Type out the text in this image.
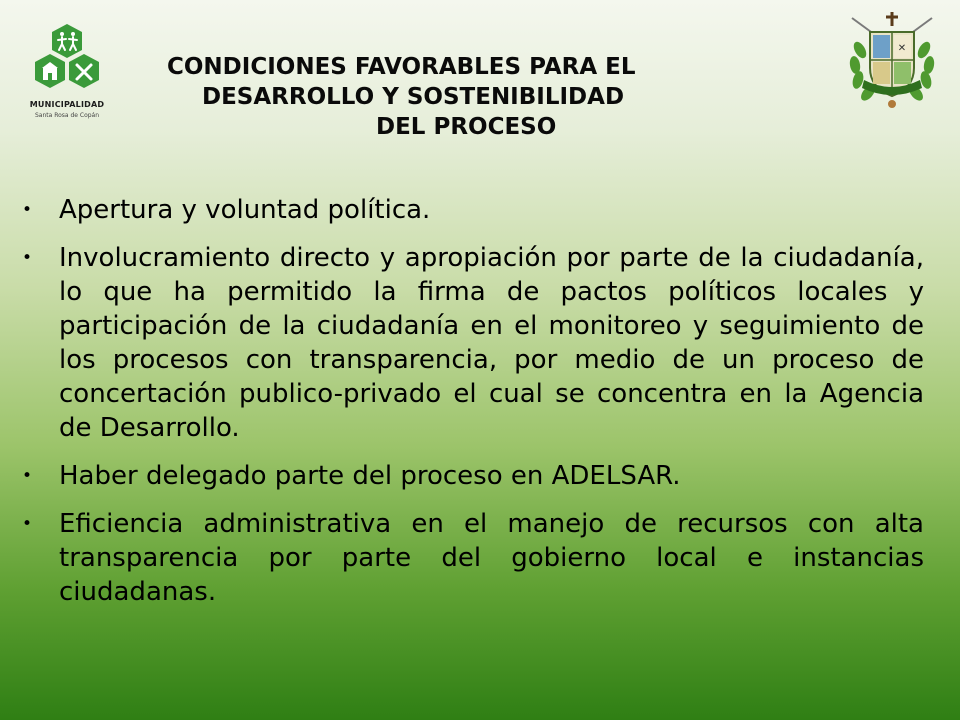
MUNICIPALIDAD
Santa Rosa de Copán
✕
CONDICIONES FAVORABLES PARA EL
DESARROLLO Y SOSTENIBILIDAD
DEL PROCESO
• Apertura y voluntad política.
• Involucramiento directo y apropiación por parte de la ciudadanía, lo que ha permitido la firma de pactos políticos locales y participación de la ciudadanía en el monitoreo y seguimiento de los procesos con transparencia, por medio de un proceso de concertación publico-privado el cual se concentra en la Agencia de Desarrollo.
• Haber delegado parte del proceso en ADELSAR.
• Eficiencia administrativa en el manejo de recursos con alta transparencia por parte del gobierno local e instancias ciudadanas.
